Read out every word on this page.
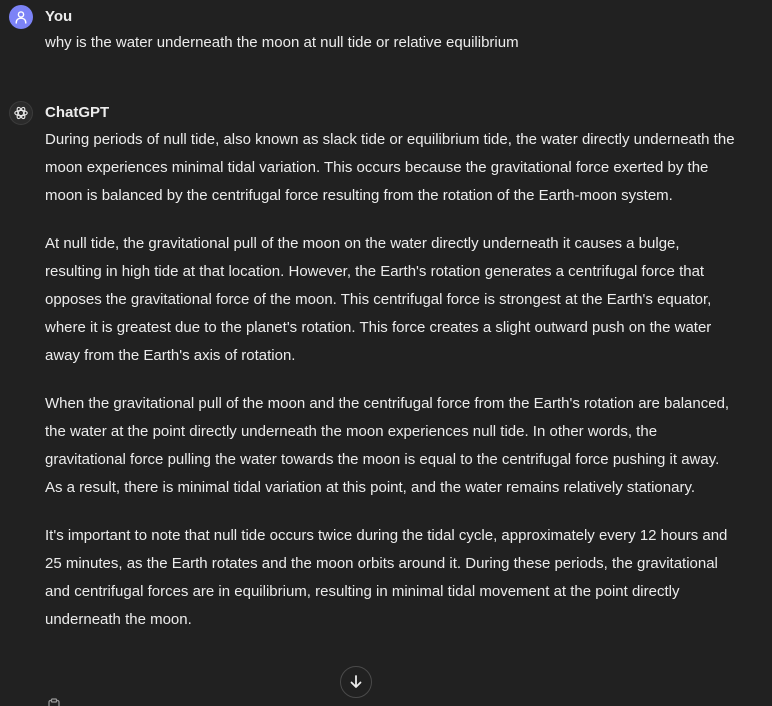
You
why is the water underneath the moon at null tide or relative equilibrium
ChatGPT

During periods of null tide, also known as slack tide or equilibrium tide, the water directly underneath the moon experiences minimal tidal variation. This occurs because the gravitational force exerted by the moon is balanced by the centrifugal force resulting from the rotation of the Earth-moon system.

At null tide, the gravitational pull of the moon on the water directly underneath it causes a bulge, resulting in high tide at that location. However, the Earth's rotation generates a centrifugal force that opposes the gravitational force of the moon. This centrifugal force is strongest at the Earth's equator, where it is greatest due to the planet's rotation. This force creates a slight outward push on the water away from the Earth's axis of rotation.

When the gravitational pull of the moon and the centrifugal force from the Earth's rotation are balanced, the water at the point directly underneath the moon experiences null tide. In other words, the gravitational force pulling the water towards the moon is equal to the centrifugal force pushing it away. As a result, there is minimal tidal variation at this point, and the water remains relatively stationary.

It's important to note that null tide occurs twice during the tidal cycle, approximately every 12 hours and 25 minutes, as the Earth rotates and the moon orbits around it. During these periods, the gravitational and centrifugal forces are in equilibrium, resulting in minimal tidal movement at the point directly underneath the moon.
